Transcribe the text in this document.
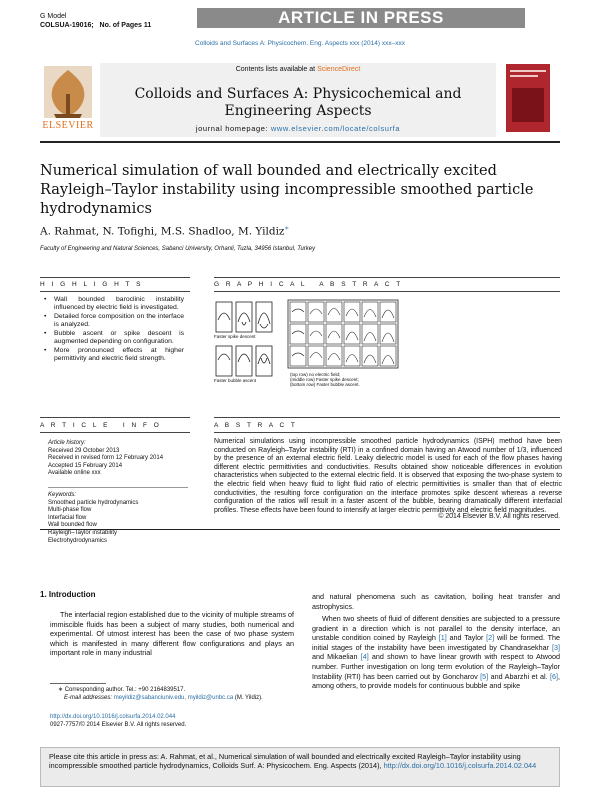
G Model
COLSUA-19016; No. of Pages 11	ARTICLE IN PRESS
Colloids and Surfaces A: Physicochem. Eng. Aspects xxx (2014) xxx–xxx
Contents lists available at ScienceDirect
Colloids and Surfaces A: Physicochemical and
Engineering Aspects
journal homepage: www.elsevier.com/locate/colsurfa
ELSEVIER
Numerical simulation of wall bounded and electrically excited
Rayleigh–Taylor instability using incompressible smoothed particle
hydrodynamics
A. Rahmat, N. Tofighi, M.S. Shadloo, M. Yildiz∗
Faculty of Engineering and Natural Sciences, Sabanci University, Orhanli, Tuzla, 34956 Istanbul, Turkey
H I G H L I G H T S
• Wall bounded baroclinic instability influenced by electric field is investigated.
• Detailed force composition on the interface is analyzed.
• Bubble ascent or spike descent is augmented depending on configuration.
• More pronounced effects at higher permittivity and electric field strength.
G R A P H I C A L   A B S T R A C T
Faster spike descent
Faster bubble ascent
(top row) no electric field;
(middle row) Faster spike descent;
(bottom row) Faster bubble ascent.
A R T I C L E   I N F O
Article history:
Received 29 October 2013
Received in revised form 12 February 2014
Accepted 15 February 2014
Available online xxx
Keywords:
Smoothed particle hydrodynamics
Multi-phase flow
Interfacial flow
Wall bounded flow
Rayleigh–Taylor instability
Electrohydrodynamics
A B S T R A C T
Numerical simulations using incompressible smoothed particle hydrodynamics (ISPH) method have been conducted on Rayleigh–Taylor instability (RTI) in a confined domain having an Atwood number of 1/3, influenced by the presence of an external electric field. Leaky dielectric model is used for each of the flow phases having different electric permittivities and conductivities. Results obtained show noticeable differences in evolution characteristics when subjected to the external electric field. It is observed that exposing the two-phase system to the electric field when heavy fluid to light fluid ratio of electric permittivities is smaller than that of electric conductivities, the resulting force configuration on the interface promotes spike descent whereas a reverse configuration of the ratios will result in a faster ascent of the bubble, bearing dramatically different interfacial profiles. These effects have been found to intensify at larger electric permittivity and electric field magnitudes.
© 2014 Elsevier B.V. All rights reserved.
1. Introduction
The interfacial region established due to the vicinity of multiple streams of immiscible fluids has been a subject of many studies, both numerical and experimental. Of utmost interest has been the case of two phase system which is manifested in many different flow configurations and plays an important role in many industrial
and natural phenomena such as cavitation, boiling heat transfer and astrophysics.
When two sheets of fluid of different densities are subjected to a pressure gradient in a direction which is not parallel to the density interface, an unstable condition coined by Rayleigh [1] and Taylor [2] will be formed. The initial stages of the instability have been investigated by Chandrasekhar [3] and Mikaelian [4] and shown to have linear growth with respect to Atwood number. Further investigation on long term evolution of the Rayleigh–Taylor Instability (RTI) has been carried out by Goncharov [5] and Abarzhi et al. [6], among others, to provide models for continuous bubble and spike
∗ Corresponding author. Tel.: +90 2164839517.
E-mail addresses: meyildiz@sabanciuniv.edu, myildiz@unbc.ca (M. Yildiz).
http://dx.doi.org/10.1016/j.colsurfa.2014.02.044
0927-7757/© 2014 Elsevier B.V. All rights reserved.
Please cite this article in press as: A. Rahmat, et al., Numerical simulation of wall bounded and electrically excited Rayleigh–Taylor instability using incompressible smoothed particle hydrodynamics, Colloids Surf. A: Physicochem. Eng. Aspects (2014), http://dx.doi.org/10.1016/j.colsurfa.2014.02.044
